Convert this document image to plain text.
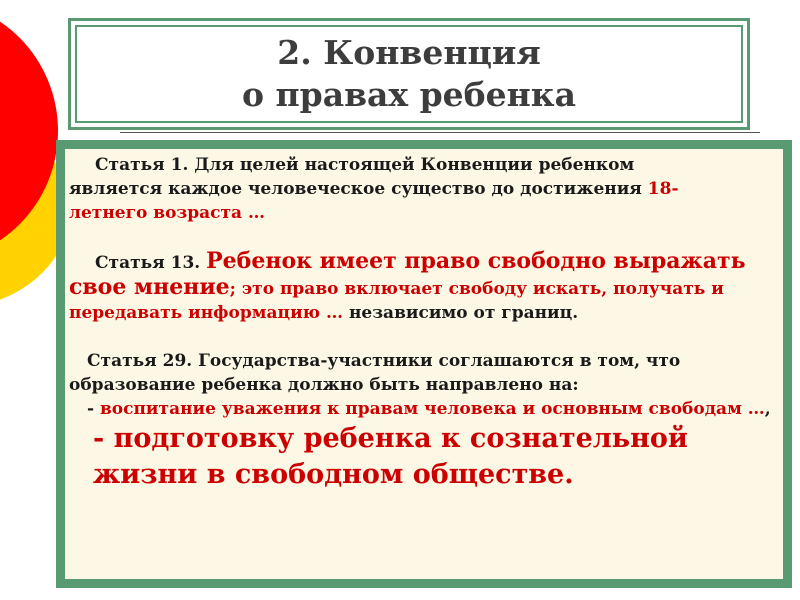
2. Конвенция
о правах ребенка

Статья 1. Для целей настоящей Конвенции ребенком
является каждое человеческое существо до достижения 18-
летнего возраста …

Статья 13. Ребенок имеет право свободно выражать свое мнение; это право включает свободу искать, получать и передавать информацию … независимо от границ.

Статья 29. Государства-участники соглашаются в том, что образование ребенка должно быть направлено на:
- воспитание уважения к правам человека и основным свободам …,

- подготовку ребенка к сознательной жизни в свободном обществе.
